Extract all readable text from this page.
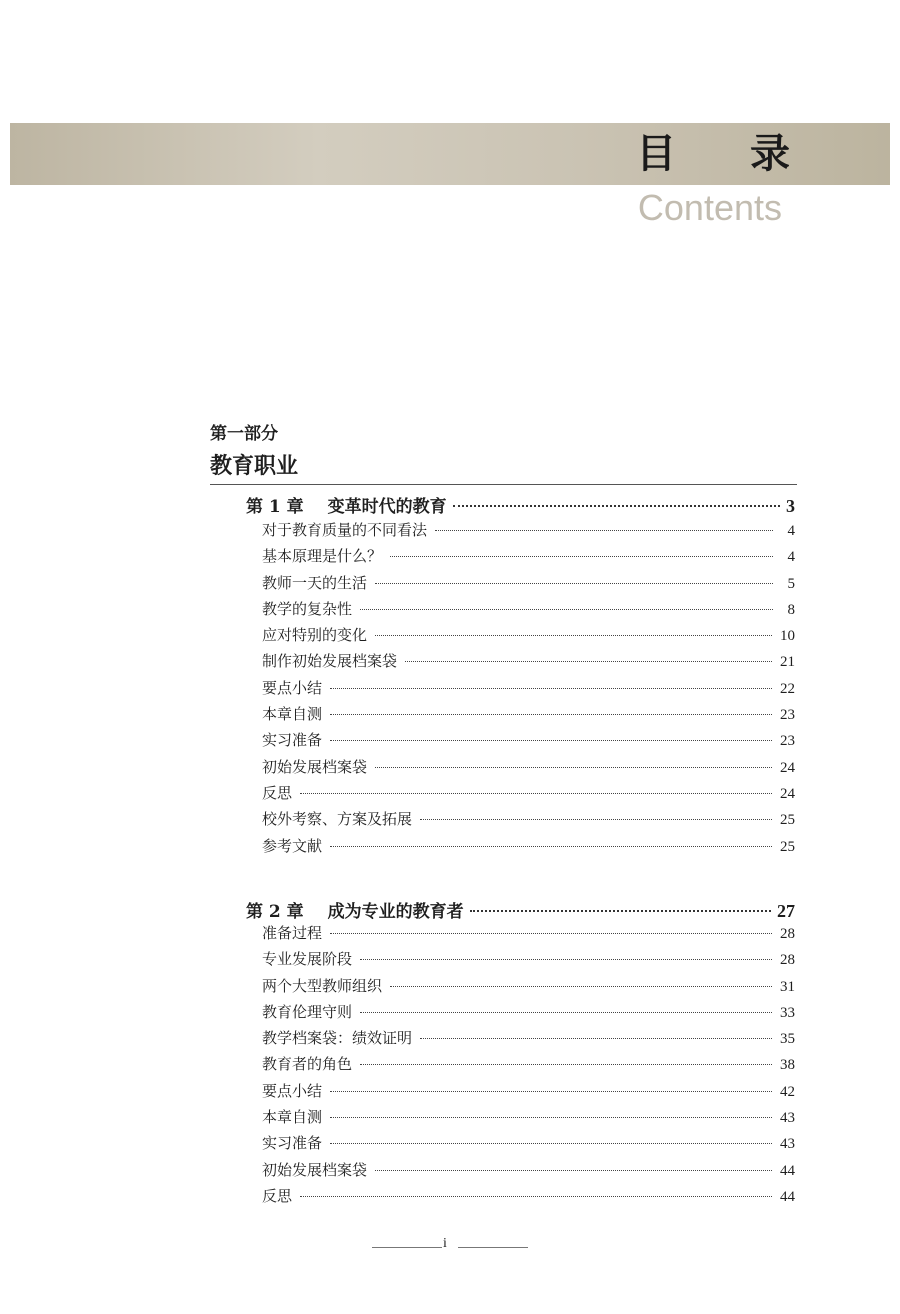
目 录
Contents
第一部分
教育职业
第 1 章 变革时代的教育	3
对于教育质量的不同看法	4
基本原理是什么？	4
教师一天的生活	5
教学的复杂性	8
应对特别的变化	10
制作初始发展档案袋	21
要点小结	22
本章自测	23
实习准备	23
初始发展档案袋	24
反思	24
校外考察、方案及拓展	25
参考文献	25
第 2 章 成为专业的教育者	27
准备过程	28
专业发展阶段	28
两个大型教师组织	31
教育伦理守则	33
教学档案袋：绩效证明	35
教育者的角色	38
要点小结	42
本章自测	43
实习准备	43
初始发展档案袋	44
反思	44
i
